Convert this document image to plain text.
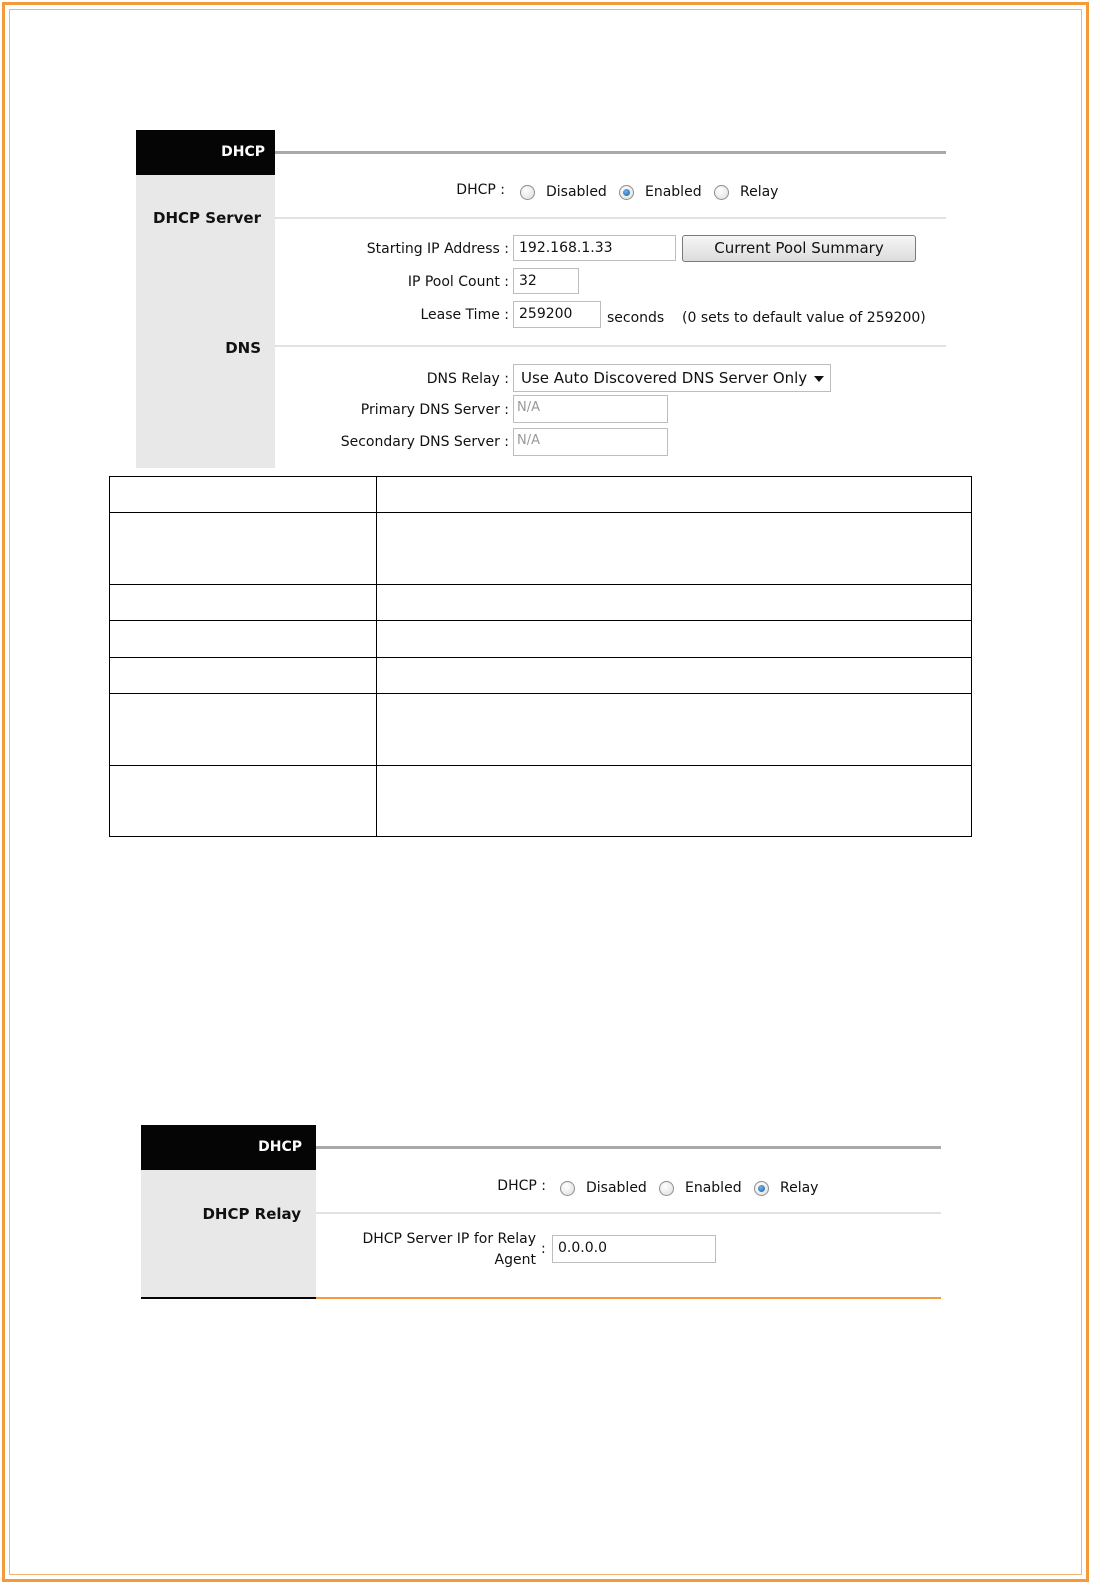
DHCP
DHCP Server
DNS
DHCP :	Disabled	Enabled	Relay
Starting IP Address : 192.168.1.33	Current Pool Summary
IP Pool Count : 32
Lease Time : 259200	seconds (0 sets to default value of 259200)
DNS Relay : Use Auto Discovered DNS Server Only
Primary DNS Server : N/A
Secondary DNS Server : N/A

DHCP
DHCP Relay
DHCP :	Disabled	Enabled	Relay
DHCP Server IP for Relay
Agent
: 0.0.0.0
